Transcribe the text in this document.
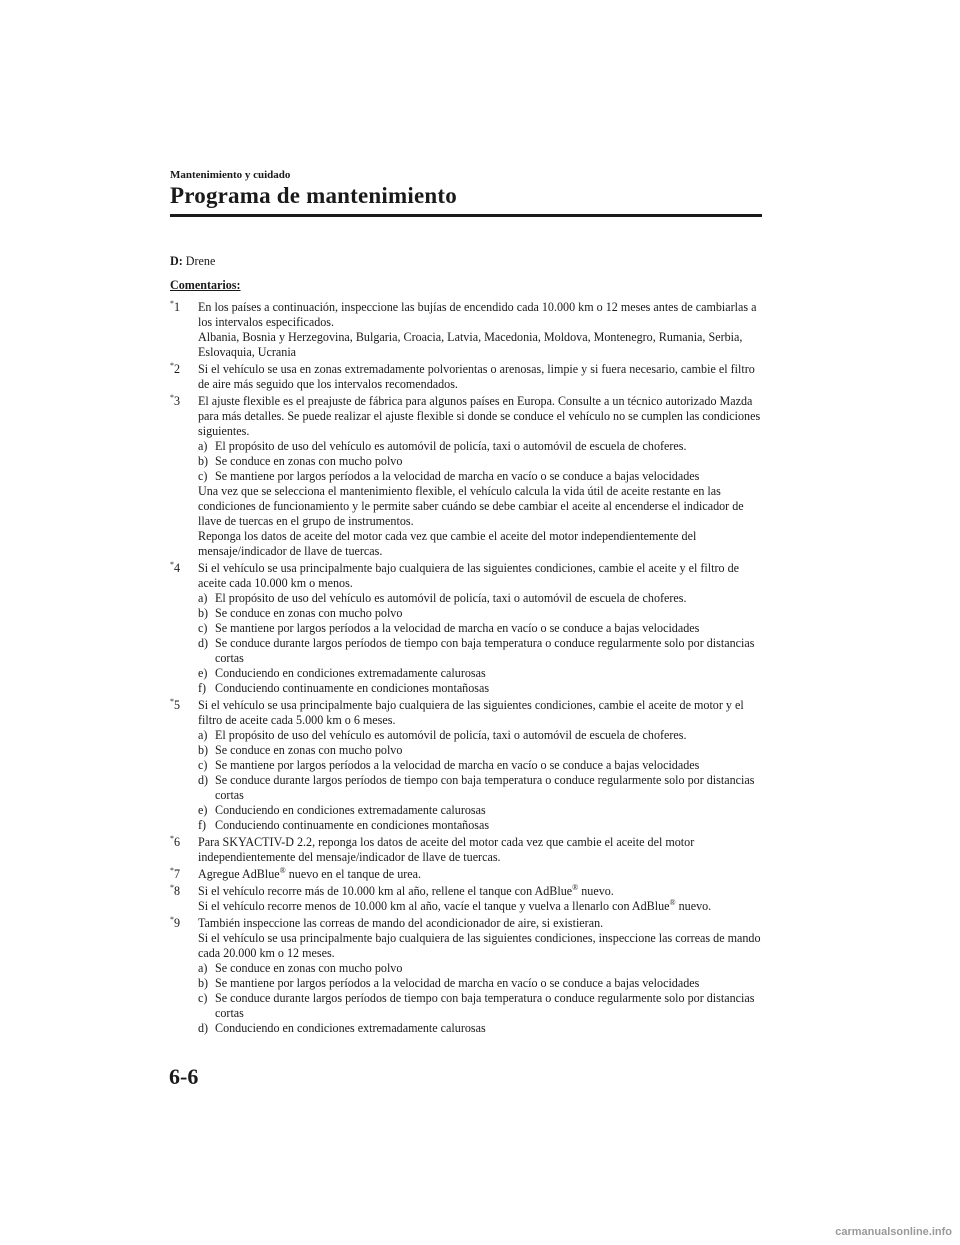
Mantenimiento y cuidado
Programa de mantenimiento
D: Drene
Comentarios:
*1 En los países a continuación, inspeccione las bujías de encendido cada 10.000 km o 12 meses antes de cambiarlas a los intervalos especificados.

Albania, Bosnia y Herzegovina, Bulgaria, Croacia, Latvia, Macedonia, Moldova, Montenegro, Rumania, Serbia, Eslovaquia, Ucrania

*2 Si el vehículo se usa en zonas extremadamente polvorientas o arenosas, limpie y si fuera necesario, cambie el filtro de aire más seguido que los intervalos recomendados.

*3 El ajuste flexible es el preajuste de fábrica para algunos países en Europa. Consulte a un técnico autorizado Mazda para más detalles. Se puede realizar el ajuste flexible si donde se conduce el vehículo no se cumplen las condiciones siguientes.

a) El propósito de uso del vehículo es automóvil de policía, taxi o automóvil de escuela de choferes.
b) Se conduce en zonas con mucho polvo
c) Se mantiene por largos períodos a la velocidad de marcha en vacío o se conduce a bajas velocidades

Una vez que se selecciona el mantenimiento flexible, el vehículo calcula la vida útil de aceite restante en las condiciones de funcionamiento y le permite saber cuándo se debe cambiar el aceite al encenderse el indicador de llave de tuercas en el grupo de instrumentos.

Reponga los datos de aceite del motor cada vez que cambie el aceite del motor independientemente del mensaje/indicador de llave de tuercas.

*4 Si el vehículo se usa principalmente bajo cualquiera de las siguientes condiciones, cambie el aceite y el filtro de aceite cada 10.000 km o menos.

a) El propósito de uso del vehículo es automóvil de policía, taxi o automóvil de escuela de choferes.
b) Se conduce en zonas con mucho polvo
c) Se mantiene por largos períodos a la velocidad de marcha en vacío o se conduce a bajas velocidades
d) Se conduce durante largos períodos de tiempo con baja temperatura o conduce regularmente solo por distancias cortas
e) Conduciendo en condiciones extremadamente calurosas
f) Conduciendo continuamente en condiciones montañosas
*5 Si el vehículo se usa principalmente bajo cualquiera de las siguientes condiciones, cambie el aceite de motor y el filtro de aceite cada 5.000 km o 6 meses.

a) El propósito de uso del vehículo es automóvil de policía, taxi o automóvil de escuela de choferes.
b) Se conduce en zonas con mucho polvo
c) Se mantiene por largos períodos a la velocidad de marcha en vacío o se conduce a bajas velocidades
d) Se conduce durante largos períodos de tiempo con baja temperatura o conduce regularmente solo por distancias cortas
e) Conduciendo en condiciones extremadamente calurosas
f) Conduciendo continuamente en condiciones montañosas
*6 Para SKYACTIV-D 2.2, reponga los datos de aceite del motor cada vez que cambie el aceite del motor independientemente del mensaje/indicador de llave de tuercas.

*7 Agregue AdBlue® nuevo en el tanque de urea.

*8 Si el vehículo recorre más de 10.000 km al año, rellene el tanque con AdBlue® nuevo.

Si el vehículo recorre menos de 10.000 km al año, vacíe el tanque y vuelva a llenarlo con AdBlue® nuevo.

*9 También inspeccione las correas de mando del acondicionador de aire, si existieran.

Si el vehículo se usa principalmente bajo cualquiera de las siguientes condiciones, inspeccione las correas de mando cada 20.000 km o 12 meses.

a) Se conduce en zonas con mucho polvo
b) Se mantiene por largos períodos a la velocidad de marcha en vacío o se conduce a bajas velocidades
c) Se conduce durante largos períodos de tiempo con baja temperatura o conduce regularmente solo por distancias cortas
d) Conduciendo en condiciones extremadamente calurosas
6-6
carmanualsonline.info
